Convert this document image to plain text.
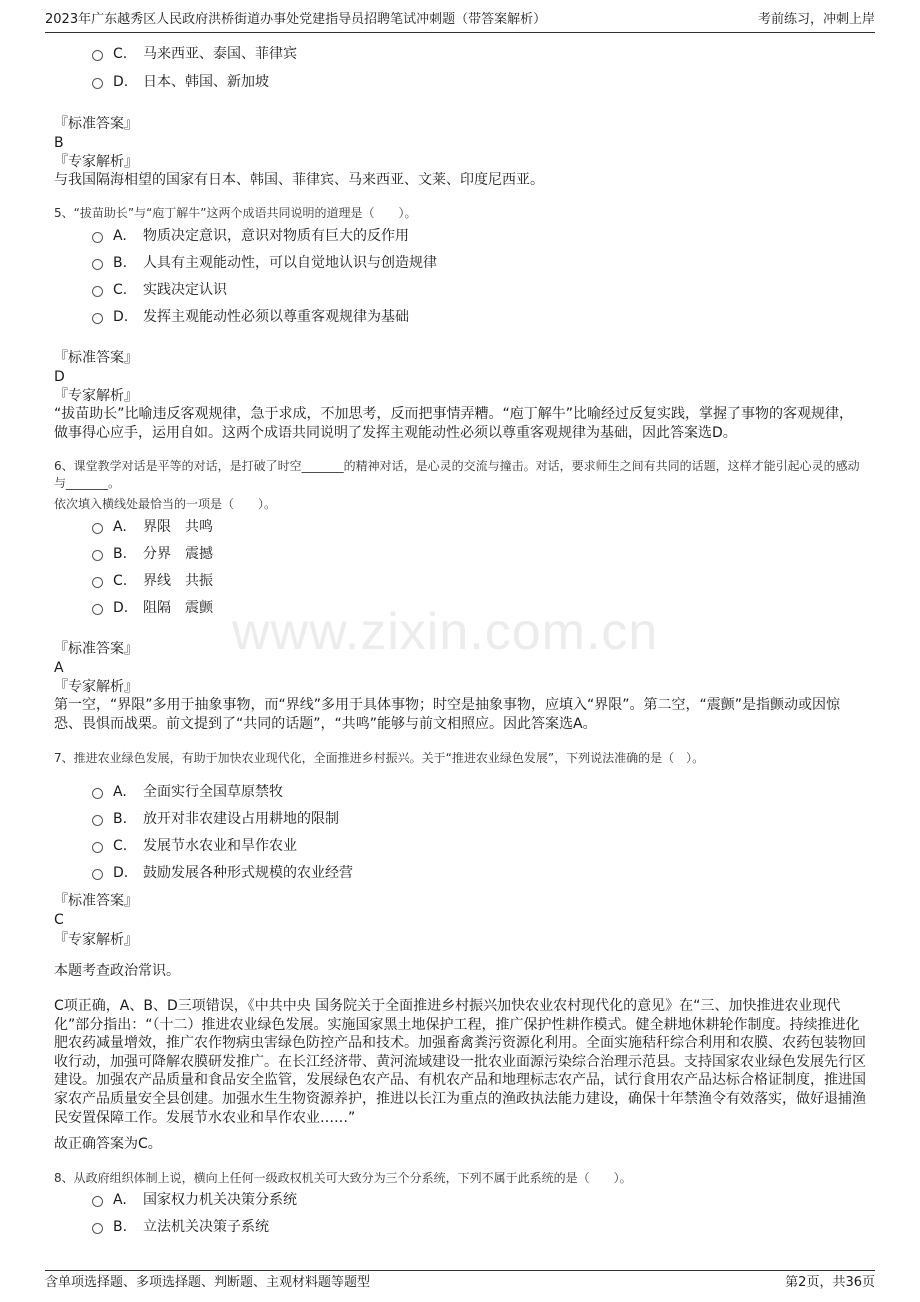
2023年广东越秀区人民政府洪桥街道办事处党建指导员招聘笔试冲刺题（带答案解析）	考前练习，冲刺上岸
www.zixin.com.cn
C. 马来西亚、泰国、菲律宾
D. 日本、韩国、新加坡
『标准答案』
B
『专家解析』
与我国隔海相望的国家有日本、韩国、菲律宾、马来西亚、文莱、印度尼西亚。
5、“拔苗助长”与“庖丁解牛”这两个成语共同说明的道理是（　　）。
A. 物质决定意识，意识对物质有巨大的反作用
B. 人具有主观能动性，可以自觉地认识与创造规律
C. 实践决定认识
D. 发挥主观能动性必须以尊重客观规律为基础
『标准答案』
D
『专家解析』
“拔苗助长”比喻违反客观规律，急于求成，不加思考，反而把事情弄糟。“庖丁解牛”比喻经过反复实践，掌握了事物的客观规律，做事得心应手，运用自如。这两个成语共同说明了发挥主观能动性必须以尊重客观规律为基础，因此答案选D。
6、课堂教学对话是平等的对话，是打破了时空_______的精神对话，是心灵的交流与撞击。对话，要求师生之间有共同的话题，这样才能引起心灵的感动与_______。
依次填入横线处最恰当的一项是（　　）。
A. 界限　共鸣
B. 分界　震撼
C. 界线　共振
D. 阻隔　震颤
『标准答案』
A
『专家解析』
第一空，“界限”多用于抽象事物，而“界线”多用于具体事物；时空是抽象事物，应填入“界限”。第二空，“震颤”是指颤动或因惊恐、畏惧而战栗。前文提到了“共同的话题”，“共鸣”能够与前文相照应。因此答案选A。
7、推进农业绿色发展，有助于加快农业现代化，全面推进乡村振兴。关于“推进农业绿色发展”，下列说法准确的是（　）。
A. 全面实行全国草原禁牧
B. 放开对非农建设占用耕地的限制
C. 发展节水农业和旱作农业
D. 鼓励发展各种形式规模的农业经营
『标准答案』
C
『专家解析』
本题考查政治常识。
C项正确，A、B、D三项错误，《中共中央 国务院关于全面推进乡村振兴加快农业农村现代化的意见》在“三、加快推进农业现代化”部分指出：“（十二）推进农业绿色发展。实施国家黑土地保护工程，推广保护性耕作模式。健全耕地休耕轮作制度。持续推进化肥农药减量增效，推广农作物病虫害绿色防控产品和技术。加强畜禽粪污资源化利用。全面实施秸秆综合利用和农膜、农药包装物回收行动，加强可降解农膜研发推广。在长江经济带、黄河流域建设一批农业面源污染综合治理示范县。支持国家农业绿色发展先行区建设。加强农产品质量和食品安全监管，发展绿色农产品、有机农产品和地理标志农产品，试行食用农产品达标合格证制度，推进国家农产品质量安全县创建。加强水生生物资源养护，推进以长江为重点的渔政执法能力建设，确保十年禁渔令有效落实，做好退捕渔民安置保障工作。发展节水农业和旱作农业……”
故正确答案为C。
8、从政府组织体制上说，横向上任何一级政权机关可大致分为三个分系统，下列不属于此系统的是（　　）。
A. 国家权力机关决策分系统
B. 立法机关决策子系统
含单项选择题、多项选择题、判断题、主观材料题等题型	第2页，共36页
